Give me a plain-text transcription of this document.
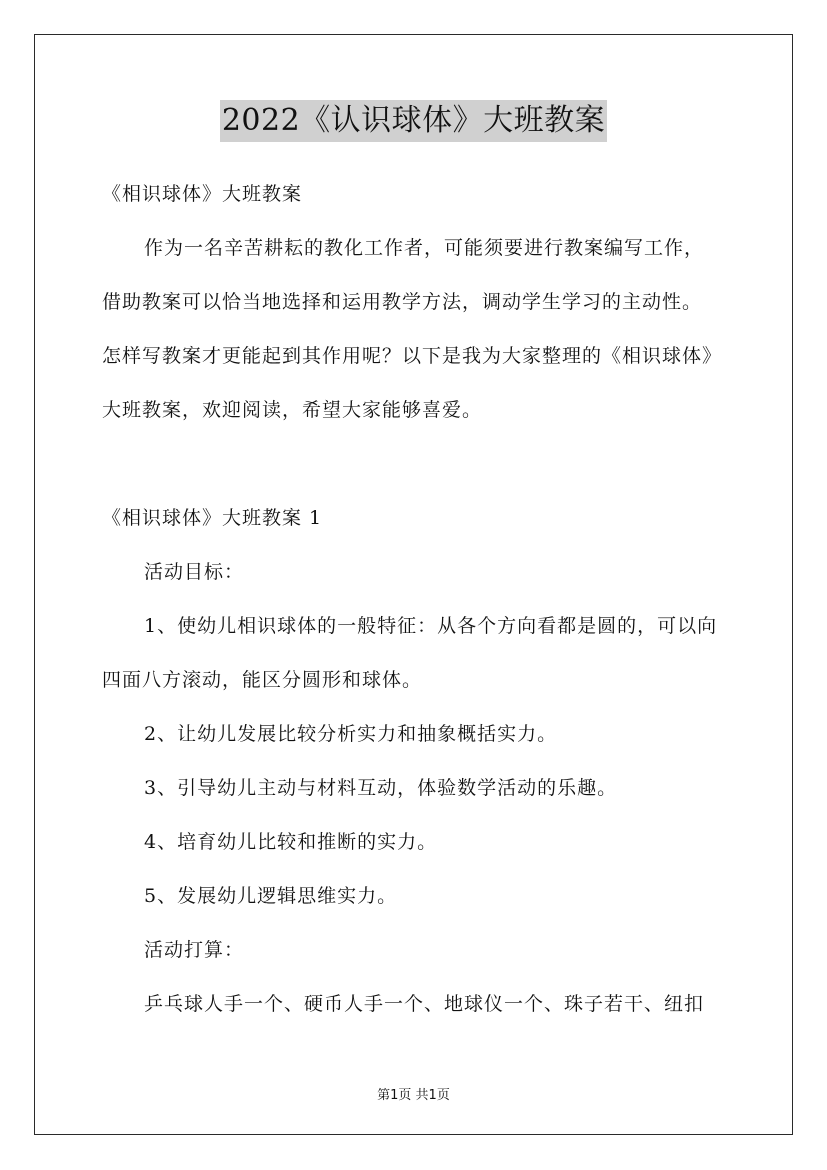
2022《认识球体》大班教案
《相识球体》大班教案
作为一名辛苦耕耘的教化工作者，可能须要进行教案编写工作，
借助教案可以恰当地选择和运用教学方法，调动学生学习的主动性。
怎样写教案才更能起到其作用呢？以下是我为大家整理的《相识球体》
大班教案，欢迎阅读，希望大家能够喜爱。
《相识球体》大班教案 1
活动目标：
1、使幼儿相识球体的一般特征：从各个方向看都是圆的，可以向
四面八方滚动，能区分圆形和球体。
2、让幼儿发展比较分析实力和抽象概括实力。
3、引导幼儿主动与材料互动，体验数学活动的乐趣。
4、培育幼儿比较和推断的实力。
5、发展幼儿逻辑思维实力。
活动打算：
乒乓球人手一个、硬币人手一个、地球仪一个、珠子若干、纽扣
第1页 共1页
